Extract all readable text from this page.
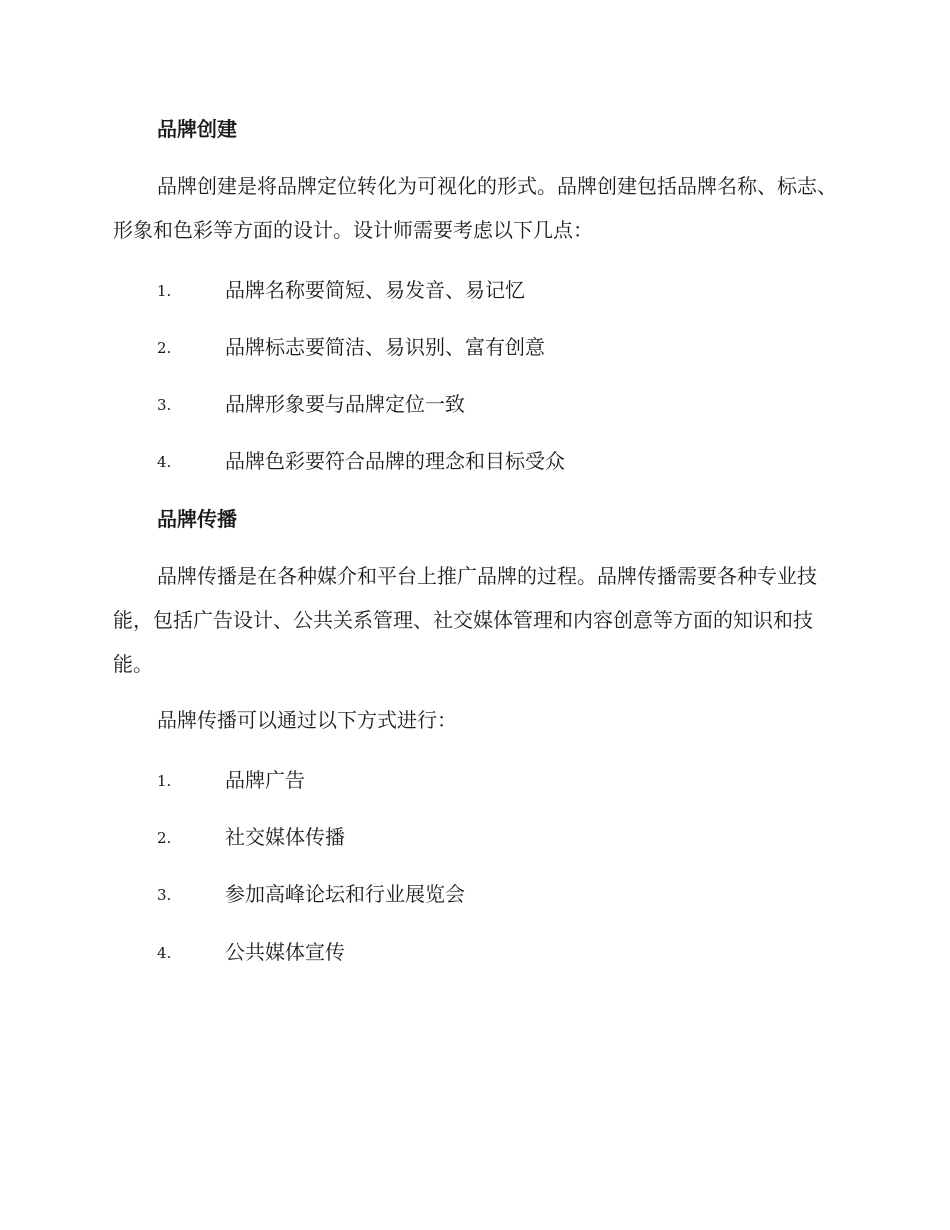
品牌创建
品牌创建是将品牌定位转化为可视化的形式。品牌创建包括品牌名称、标志、形象和色彩等方面的设计。设计师需要考虑以下几点：
1.	品牌名称要简短、易发音、易记忆
2.	品牌标志要简洁、易识别、富有创意
3.	品牌形象要与品牌定位一致
4.	品牌色彩要符合品牌的理念和目标受众
品牌传播
品牌传播是在各种媒介和平台上推广品牌的过程。品牌传播需要各种专业技能，包括广告设计、公共关系管理、社交媒体管理和内容创意等方面的知识和技能。
品牌传播可以通过以下方式进行：
1.	品牌广告
2.	社交媒体传播
3.	参加高峰论坛和行业展览会
4.	公共媒体宣传
